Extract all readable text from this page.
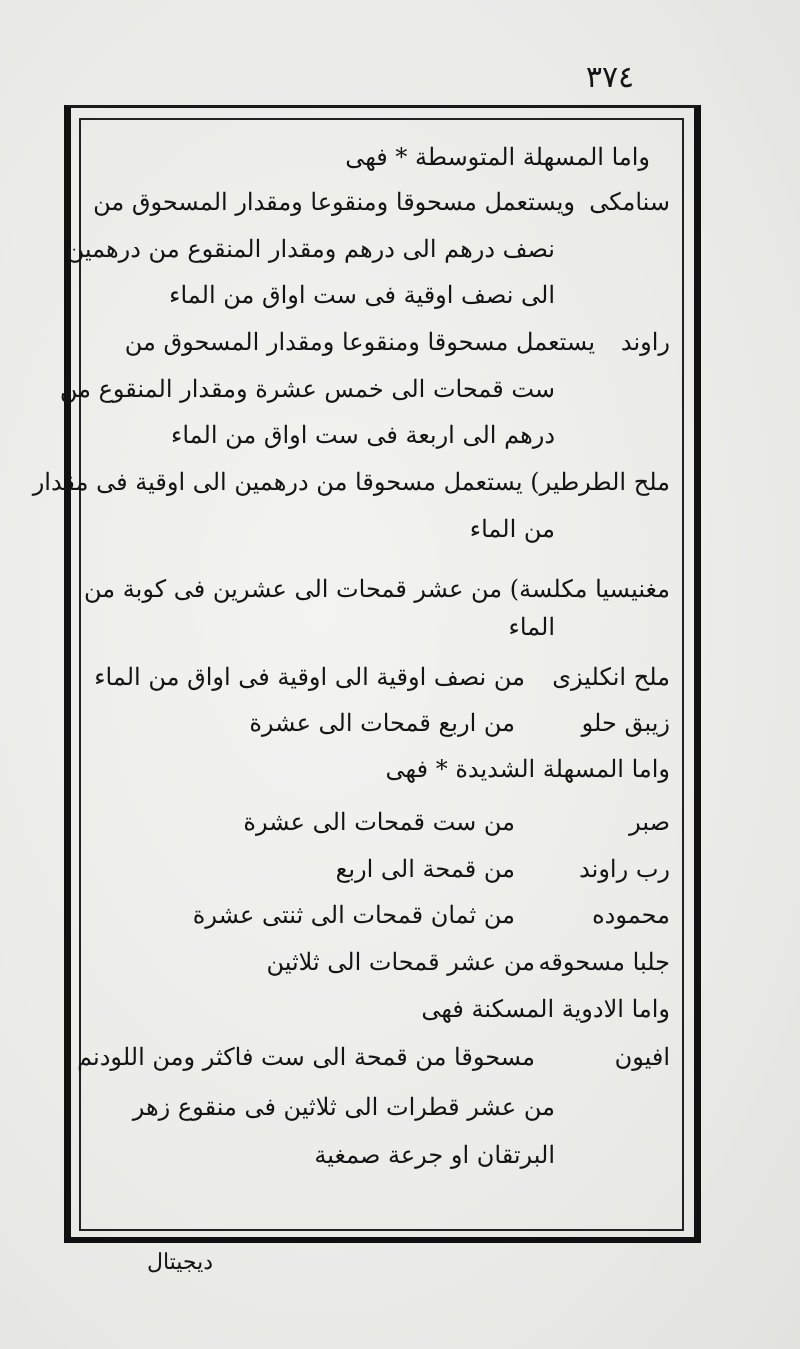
٣٧٤
واما المسهلة المتوسطة * فهى
سنامكى
ويستعمل مسحوقا ومنقوعا ومقدار المسحوق من
نصف درهم الى درهم ومقدار المنقوع من درهمين
الى نصف اوقية فى ست اواق من الماء
راوند
يستعمل مسحوقا ومنقوعا ومقدار المسحوق من
ست قمحات الى خمس عشرة ومقدار المنقوع من
درهم الى اربعة فى ست اواق من الماء
ملح الطرطير) يستعمل مسحوقا من درهمين الى اوقية فى مقدار
من الماء
مغنيسيا مكلسة) من عشر قمحات الى عشرين فى كوبة من
الماء
ملح انكليزى
من نصف اوقية الى اوقية فى اواق من الماء
زيبق حلو
من اربع قمحات الى عشرة
واما المسهلة الشديدة * فهى
صبر
من ست قمحات الى عشرة
رب راوند
من قمحة الى اربع
محموده
من ثمان قمحات الى ثنتى عشرة
جلبا مسحوقه
من عشر قمحات الى ثلاثين
واما الادوية المسكنة فهى
افيون
مسحوقا من قمحة الى ست فاكثر ومن اللودنم
من عشر قطرات الى ثلاثين فى منقوع زهر
البرتقان او جرعة صمغية
ديجيتال
